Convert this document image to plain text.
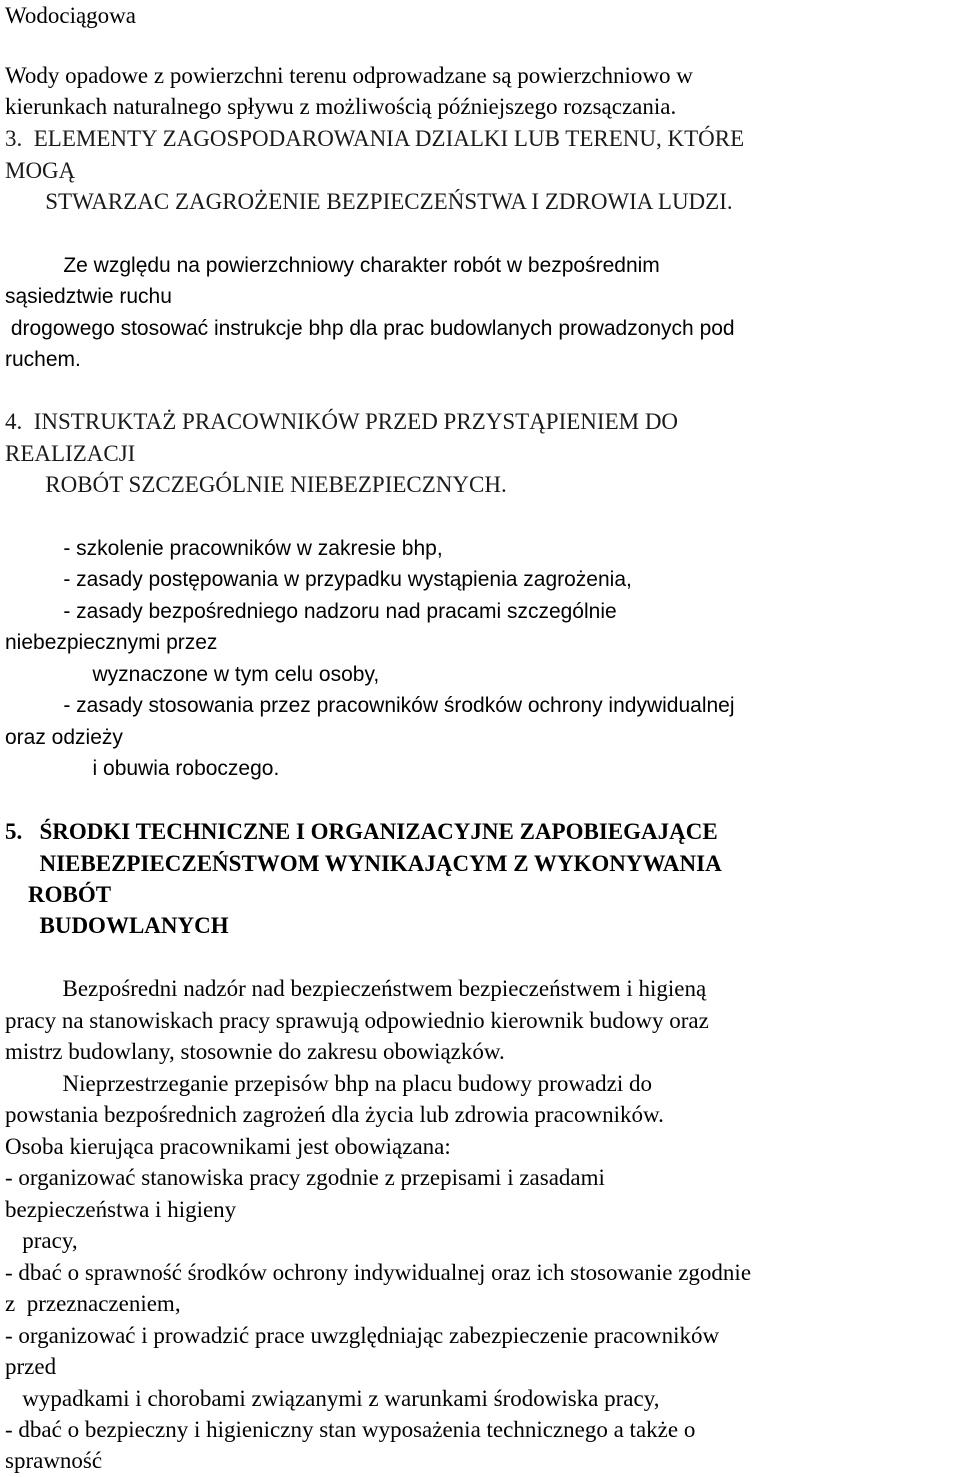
Wodociągowa
Wody opadowe z powierzchni terenu odprowadzane są powierzchniowo w
kierunkach naturalnego spływu z możliwością późniejszego rozsączania.
3.  ELEMENTY ZAGOSPODAROWANIA DZIALKI LUB TERENU, KTÓRE
MOGĄ
STWARZAC ZAGROŻENIE BEZPIECZEŃSTWA I ZDROWIA LUDZI.
Ze względu na powierzchniowy charakter robót w bezpośrednim
sąsiedztwie ruchu
drogowego stosować instrukcje bhp dla prac budowlanych prowadzonych pod
ruchem.
4.  INSTRUKTAŻ PRACOWNIKÓW PRZED PRZYSTĄPIENIEM DO
REALIZACJI
ROBÓT SZCZEGÓLNIE NIEBEZPIECZNYCH.
- szkolenie pracowników w zakresie bhp,
- zasady postępowania w przypadku wystąpienia zagrożenia,
- zasady bezpośredniego nadzoru nad pracami szczególnie
niebezpiecznymi przez
wyznaczone w tym celu osoby,
- zasady stosowania przez pracowników środków ochrony indywidualnej
oraz odzieży
i obuwia roboczego.
5.   ŚRODKI TECHNICZNE I ORGANIZACYJNE ZAPOBIEGAJĄCE
NIEBEZPIECZEŃSTWOM WYNIKAJĄCYM Z WYKONYWANIA
ROBÓT
BUDOWLANYCH
Bezpośredni nadzór nad bezpieczeństwem bezpieczeństwem i higieną
pracy na stanowiskach pracy sprawują odpowiednio kierownik budowy oraz
mistrz budowlany, stosownie do zakresu obowiązków.
Nieprzestrzeganie przepisów bhp na placu budowy prowadzi do
powstania bezpośrednich zagrożeń dla życia lub zdrowia pracowników.
Osoba kierująca pracownikami jest obowiązana:
- organizować stanowiska pracy zgodnie z przepisami i zasadami
bezpieczeństwa i higieny
pracy,
- dbać o sprawność środków ochrony indywidualnej oraz ich stosowanie zgodnie
z  przeznaczeniem,
- organizować i prowadzić prace uwzględniając zabezpieczenie pracowników
przed
wypadkami i chorobami związanymi z warunkami środowiska pracy,
- dbać o bezpieczny i higieniczny stan wyposażenia technicznego a także o
sprawność
